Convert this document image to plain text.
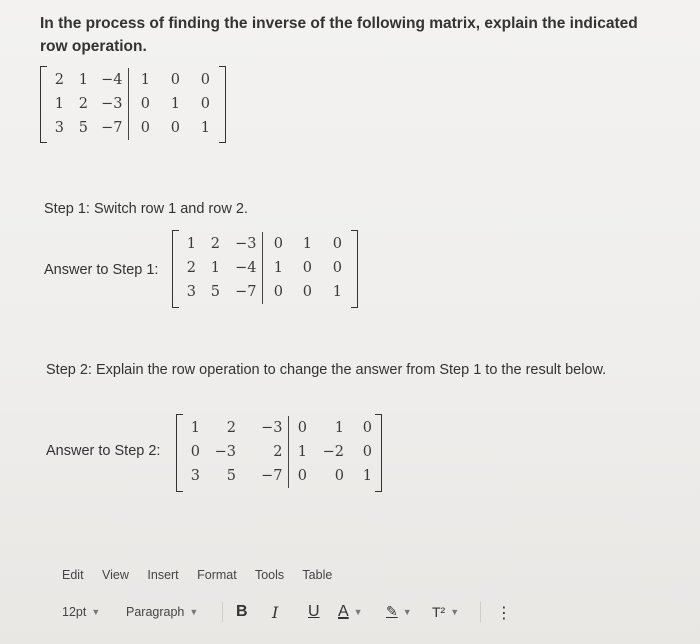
In the process of finding the inverse of the following matrix, explain the indicated row operation.
2	1	−4	1	0	0
1	2	−3	0	1	0
3	5	−7	0	0	1
Step 1: Switch row 1 and row 2.
Answer to Step 1:
1	2	−3	0	1	0
2	1	−4	1	0	0
3	5	−7	0	0	1
Step 2: Explain the row operation to change the answer from Step 1 to the result below.
Answer to Step 2:
1	2	−3	0	1	0
0	−3	2	1	−2	0
3	5	−7	0	0	1
Edit View Insert Format Tools Table
12pt ▼ Paragraph ▼ B I U A ▼ ✎ ▼ T² ▼ ⋮
